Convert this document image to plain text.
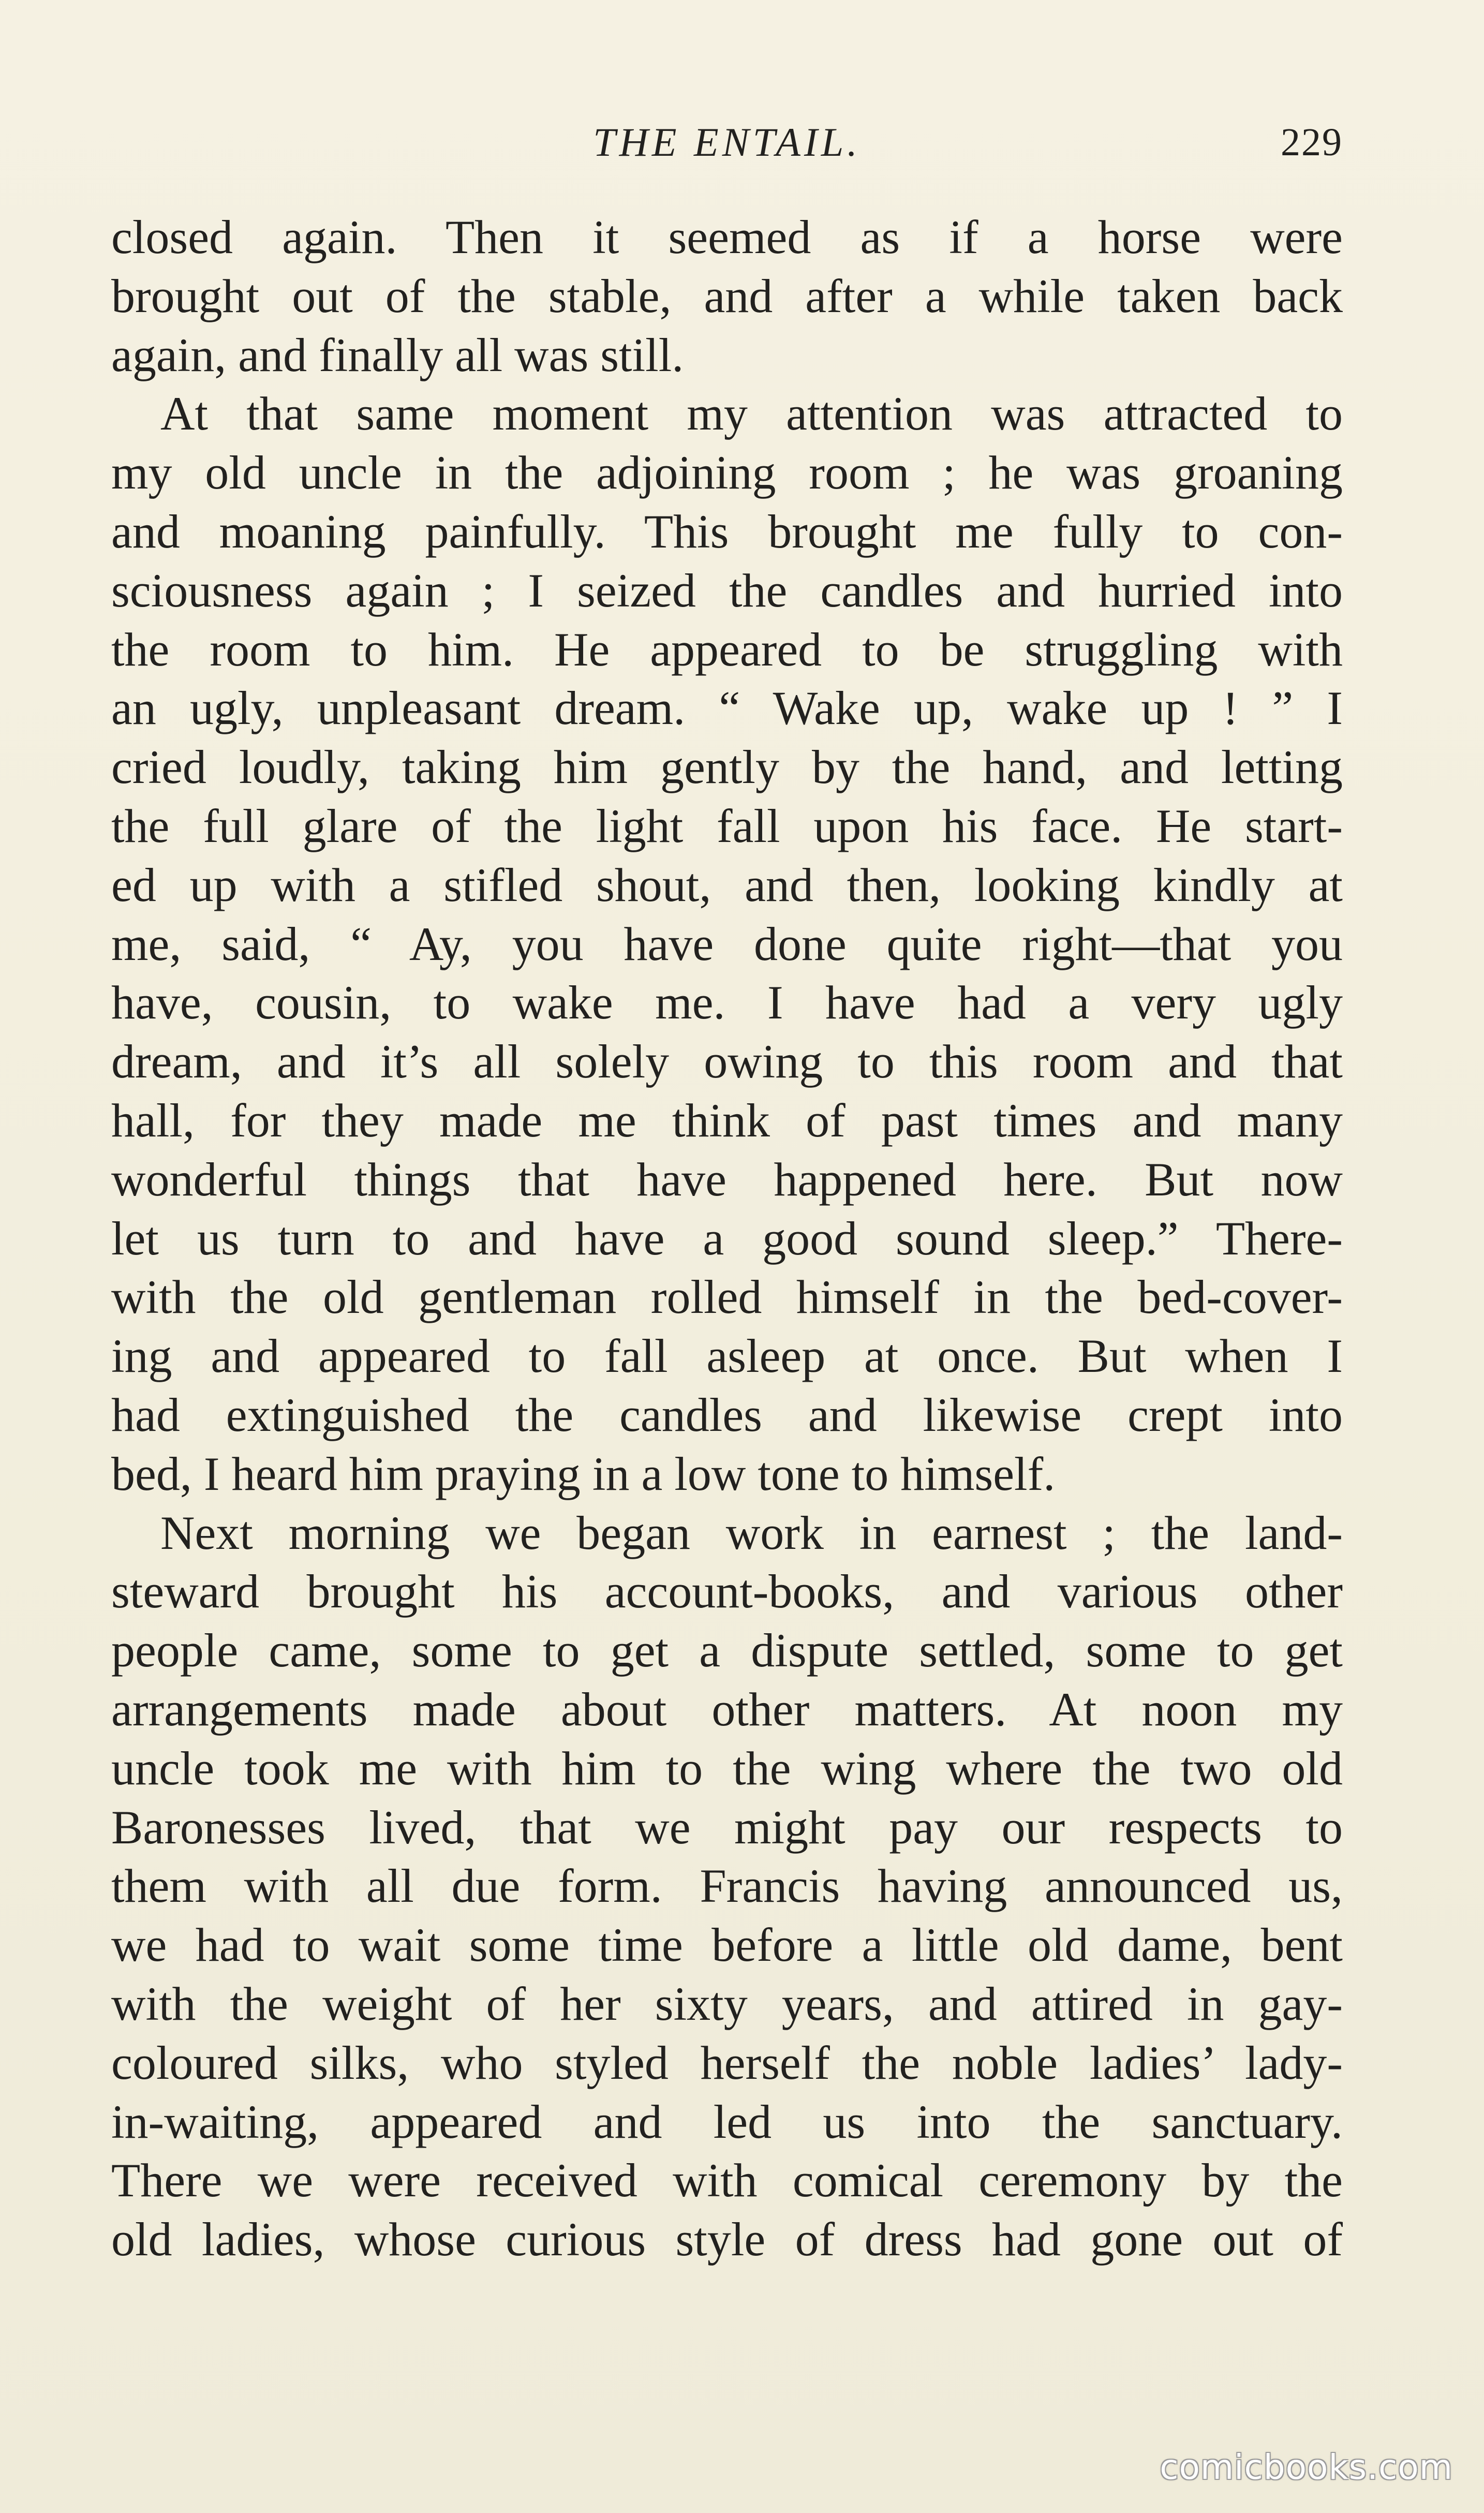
THE ENTAIL.	229
closed again. Then it seemed as if a horse were
brought out of the stable, and after a while taken back
again, and finally all was still.
At that same moment my attention was attracted to
my old uncle in the adjoining room ; he was groaning
and moaning painfully. This brought me fully to con-
sciousness again ; I seized the candles and hurried into
the room to him. He appeared to be struggling with
an ugly, unpleasant dream. “ Wake up, wake up ! ” I
cried loudly, taking him gently by the hand, and letting
the full glare of the light fall upon his face. He start-
ed up with a stifled shout, and then, looking kindly at
me, said, “ Ay, you have done quite right—that you
have, cousin, to wake me. I have had a very ugly
dream, and it’s all solely owing to this room and that
hall, for they made me think of past times and many
wonderful things that have happened here. But now
let us turn to and have a good sound sleep.” There-
with the old gentleman rolled himself in the bed-cover-
ing and appeared to fall asleep at once. But when I
had extinguished the candles and likewise crept into
bed, I heard him praying in a low tone to himself.
Next morning we began work in earnest ; the land-
steward brought his account-books, and various other
people came, some to get a dispute settled, some to get
arrangements made about other matters. At noon my
uncle took me with him to the wing where the two old
Baronesses lived, that we might pay our respects to
them with all due form. Francis having announced us,
we had to wait some time before a little old dame, bent
with the weight of her sixty years, and attired in gay-
coloured silks, who styled herself the noble ladies’ lady-
in-waiting, appeared and led us into the sanctuary.
There we were received with comical ceremony by the
old ladies, whose curious style of dress had gone out of
comicbooks.com
